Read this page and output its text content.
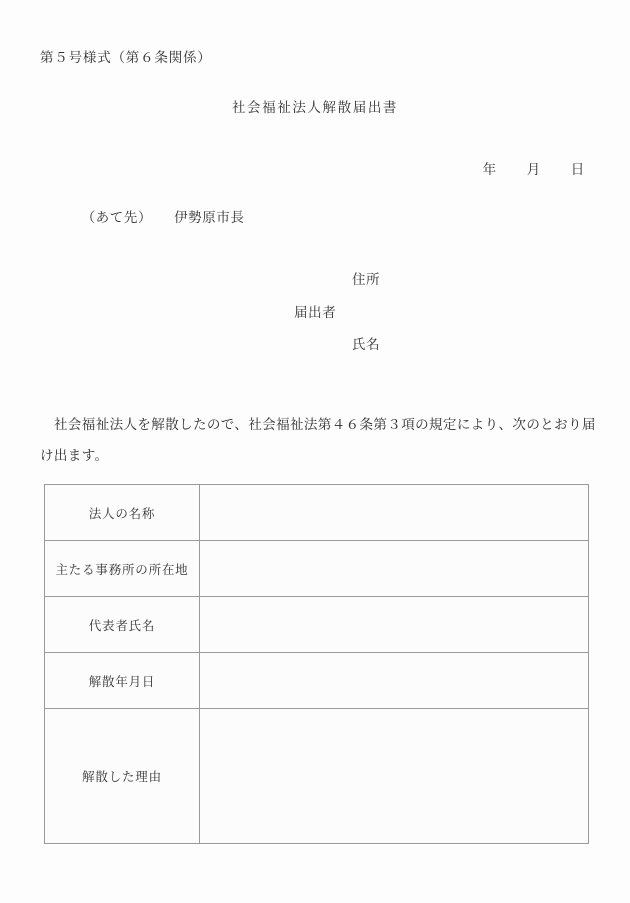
第５号様式（第６条関係）
社会福祉法人解散届出書

年 月 日

（あて先） 伊勢原市長

住所
届出者
氏名
社会福祉法人を解散したので、社会福祉法第４６条第３項の規定により、次のとおり届
け出ます。
法人の名称	
主たる事務所の所在地	
代表者氏名	
解散年月日	
解散した理由	
